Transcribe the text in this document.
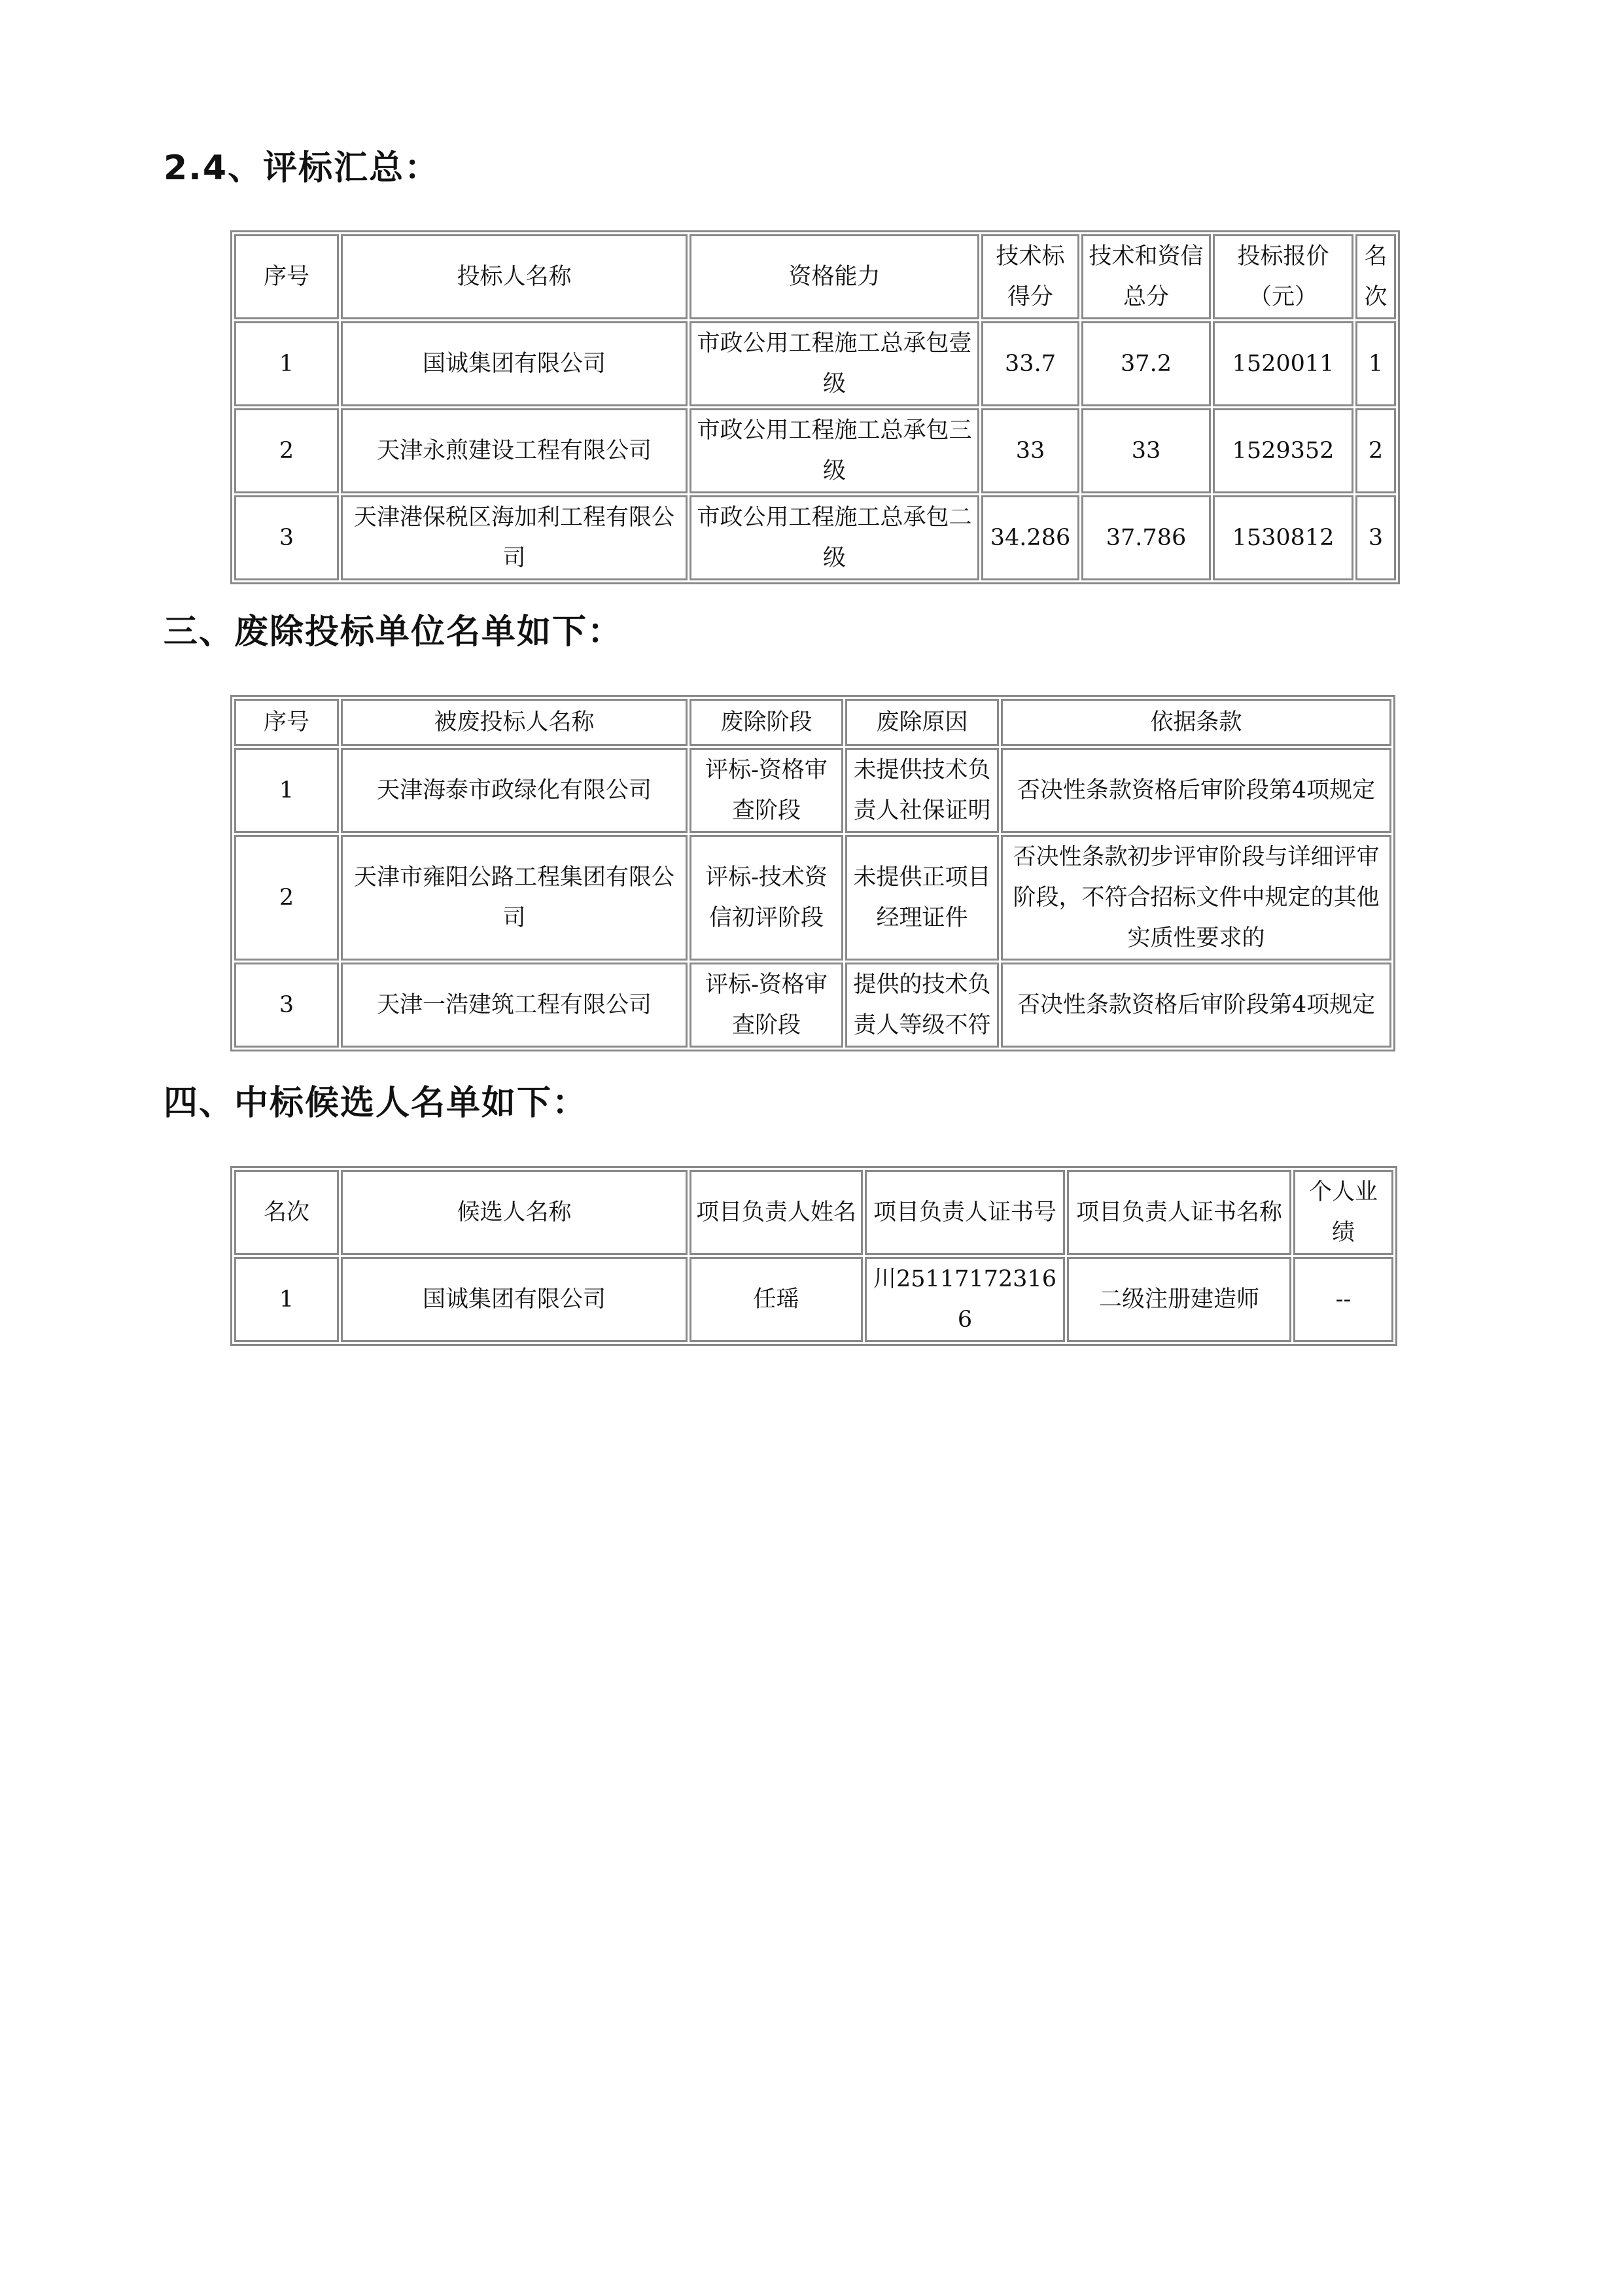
2.4、评标汇总：
序号	投标人名称	资格能力	技术标得分	技术和资信总分	投标报价（元）	名次
1	国诚集团有限公司	市政公用工程施工总承包壹级	33.7	37.2	1520011	1
2	天津永煎建设工程有限公司	市政公用工程施工总承包三级	33	33	1529352	2
3	天津港保税区海加利工程有限公司	市政公用工程施工总承包二级	34.286	37.786	1530812	3
三、废除投标单位名单如下：
序号	被废投标人名称	废除阶段	废除原因	依据条款
1	天津海泰市政绿化有限公司	评标-资格审查阶段	未提供技术负责人社保证明	否决性条款资格后审阶段第4项规定
2	天津市雍阳公路工程集团有限公司	评标-技术资信初评阶段	未提供正项目经理证件	否决性条款初步评审阶段与详细评审阶段，不符合招标文件中规定的其他实质性要求的
3	天津一浩建筑工程有限公司	评标-资格审查阶段	提供的技术负责人等级不符	否决性条款资格后审阶段第4项规定
四、中标候选人名单如下：
名次	候选人名称	项目负责人姓名	项目负责人证书号	项目负责人证书名称	个人业绩
1	国诚集团有限公司	任瑶	川251171723166	二级注册建造师	--
